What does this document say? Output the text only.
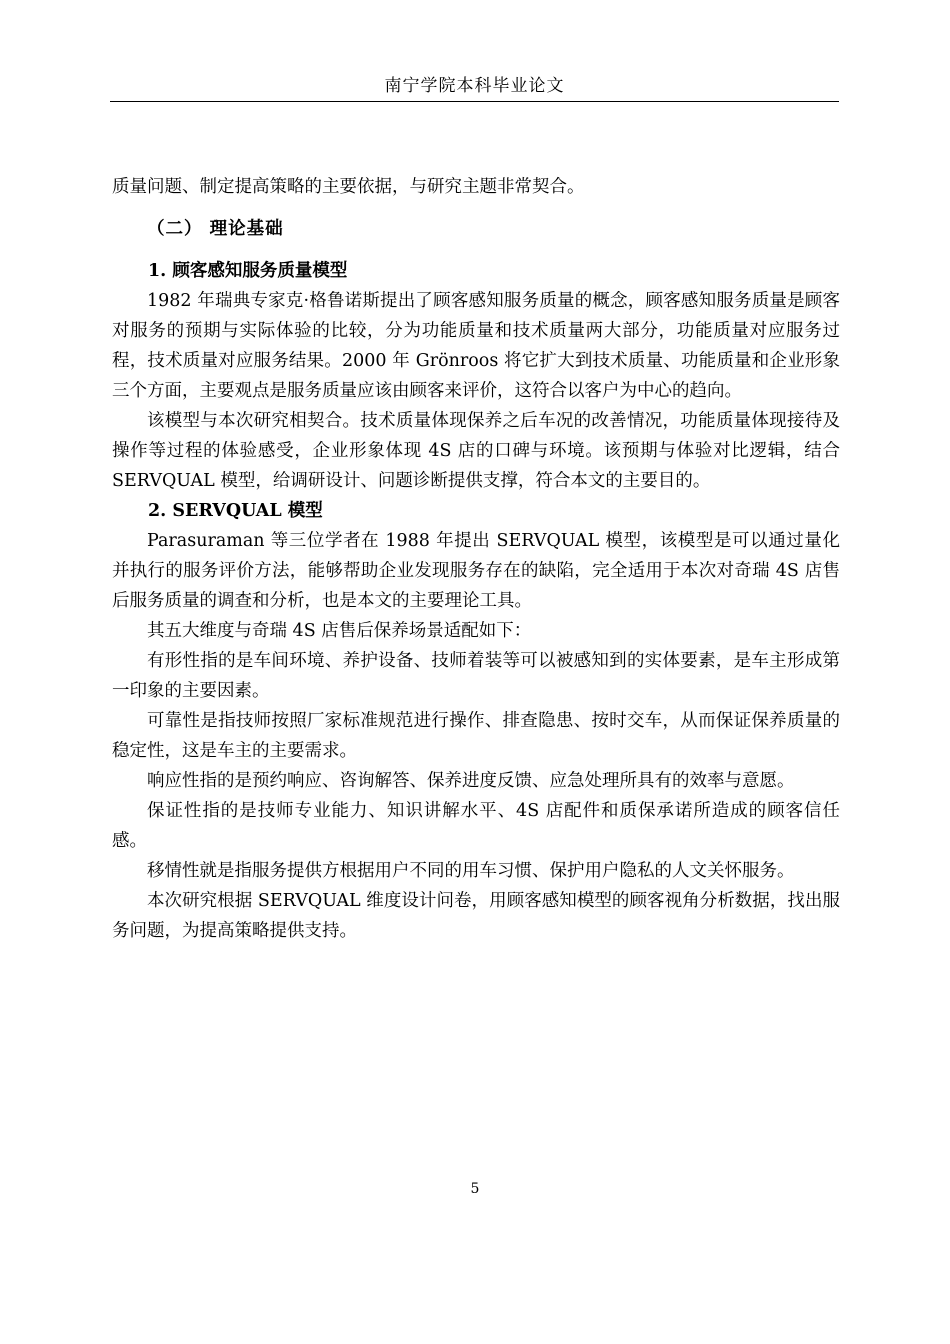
南宁学院本科毕业论文

质量问题、制定提高策略的主要依据，与研究主题非常契合。

（二） 理论基础
1. 顾客感知服务质量模型

1982 年瑞典专家克·格鲁诺斯提出了顾客感知服务质量的概念，顾客感知服务质量是顾客对服务的预期与实际体验的比较，分为功能质量和技术质量两大部分，功能质量对应服务过程，技术质量对应服务结果。2000 年 Grönroos 将它扩大到技术质量、功能质量和企业形象三个方面，主要观点是服务质量应该由顾客来评价，这符合以客户为中心的趋向。

该模型与本次研究相契合。技术质量体现保养之后车况的改善情况，功能质量体现接待及操作等过程的体验感受，企业形象体现 4S 店的口碑与环境。该预期与体验对比逻辑，结合 SERVQUAL 模型，给调研设计、问题诊断提供支撑，符合本文的主要目的。

2. SERVQUAL 模型

Parasuraman 等三位学者在 1988 年提出 SERVQUAL 模型，该模型是可以通过量化并执行的服务评价方法，能够帮助企业发现服务存在的缺陷，完全适用于本次对奇瑞 4S 店售后服务质量的调查和分析，也是本文的主要理论工具。

其五大维度与奇瑞 4S 店售后保养场景适配如下：

有形性指的是车间环境、养护设备、技师着装等可以被感知到的实体要素，是车主形成第一印象的主要因素。

可靠性是指技师按照厂家标准规范进行操作、排查隐患、按时交车，从而保证保养质量的稳定性，这是车主的主要需求。

响应性指的是预约响应、咨询解答、保养进度反馈、应急处理所具有的效率与意愿。

保证性指的是技师专业能力、知识讲解水平、4S 店配件和质保承诺所造成的顾客信任感。

移情性就是指服务提供方根据用户不同的用车习惯、保护用户隐私的人文关怀服务。

本次研究根据 SERVQUAL 维度设计问卷，用顾客感知模型的顾客视角分析数据，找出服务问题，为提高策略提供支持。

5
